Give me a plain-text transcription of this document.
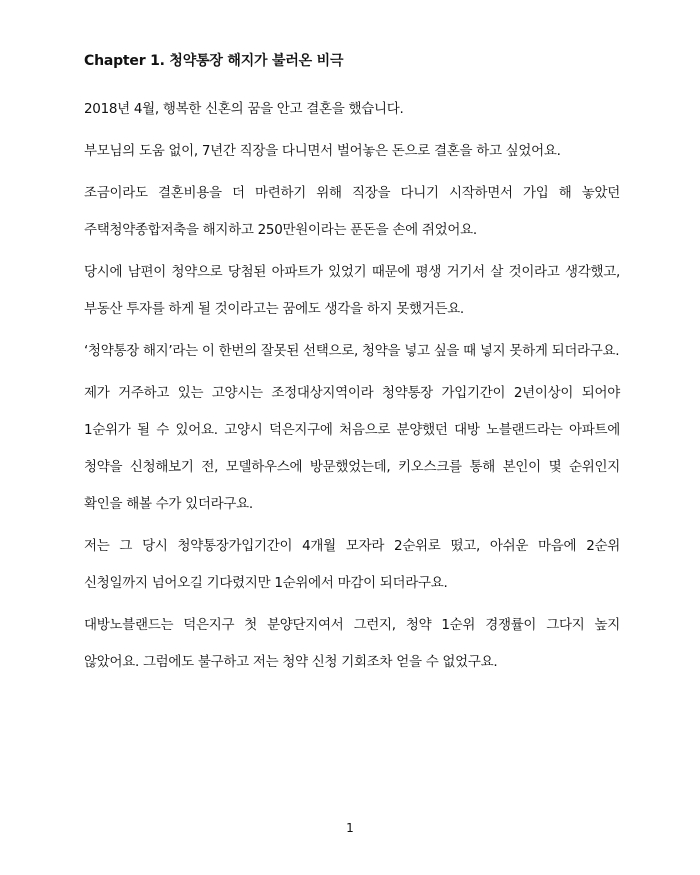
Chapter 1. 청약통장 해지가 불러온 비극

2018년 4월, 행복한 신혼의 꿈을 안고 결혼을 했습니다.

부모님의 도움 없이, 7년간 직장을 다니면서 벌어놓은 돈으로 결혼을 하고 싶었어요.

조금이라도 결혼비용을 더 마련하기 위해 직장을 다니기 시작하면서 가입 해 놓았던 주택청약종합저축을 해지하고 250만원이라는 푼돈을 손에 쥐었어요.

당시에 남편이 청약으로 당첨된 아파트가 있었기 때문에 평생 거기서 살 것이라고 생각했고, 부동산 투자를 하게 될 것이라고는 꿈에도 생각을 하지 못했거든요.

‘청약통장 해지’라는 이 한번의 잘못된 선택으로, 청약을 넣고 싶을 때 넣지 못하게 되더라구요.

제가 거주하고 있는 고양시는 조정대상지역이라 청약통장 가입기간이 2년이상이 되어야 1순위가 될 수 있어요. 고양시 덕은지구에 처음으로 분양했던 대방 노블랜드라는 아파트에 청약을 신청해보기 전, 모델하우스에 방문했었는데, 키오스크를 통해 본인이 몇 순위인지 확인을 해볼 수가 있더라구요.

저는 그 당시 청약통장가입기간이 4개월 모자라 2순위로 떴고, 아쉬운 마음에 2순위 신청일까지 넘어오길 기다렸지만 1순위에서 마감이 되더라구요.

대방노블랜드는 덕은지구 첫 분양단지여서 그런지, 청약 1순위 경쟁률이 그다지 높지 않았어요. 그럼에도 불구하고 저는 청약 신청 기회조차 얻을 수 없었구요.

1
